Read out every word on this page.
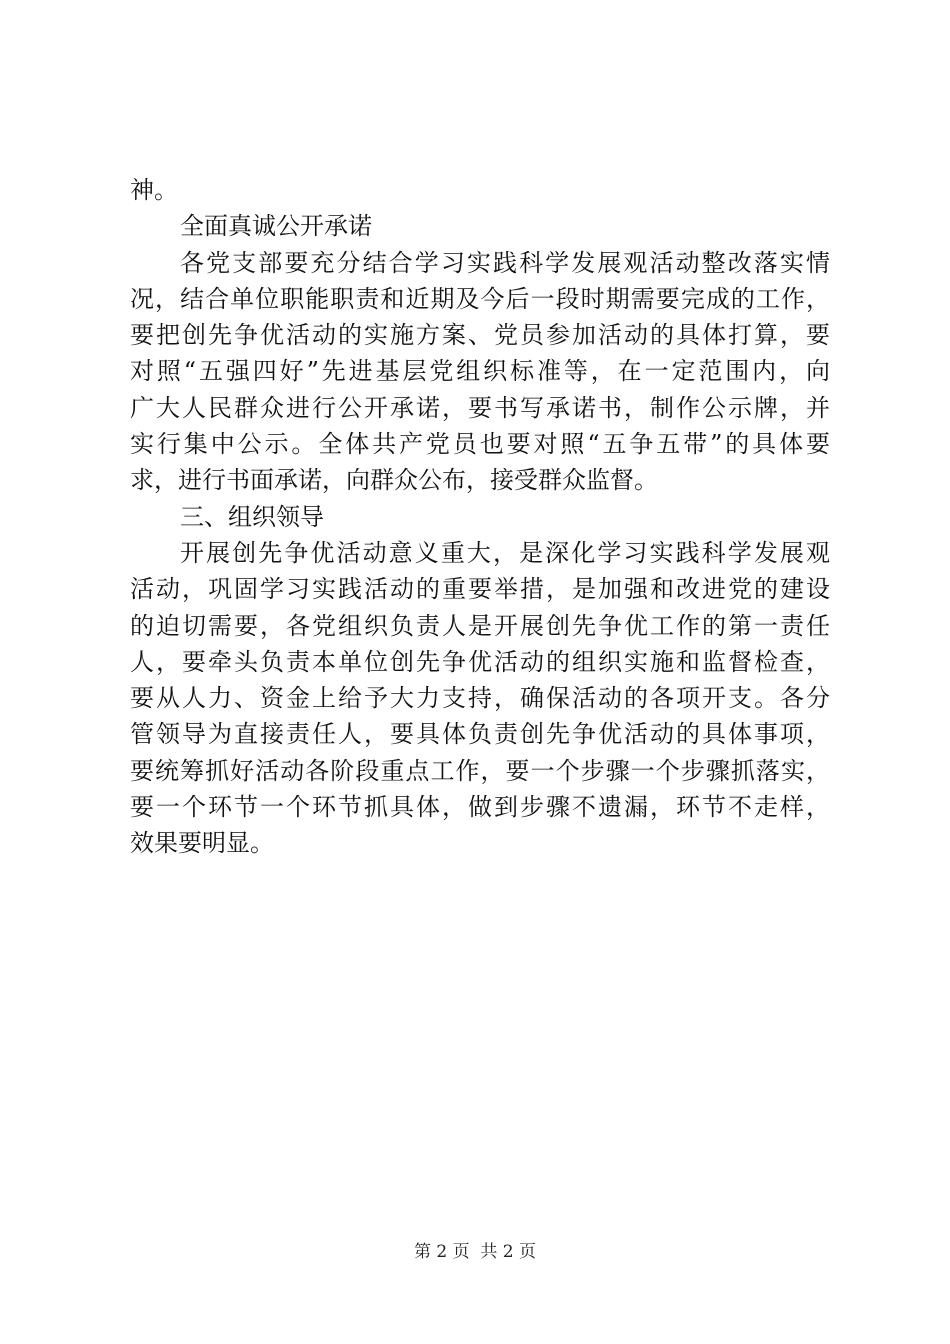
神。
全面真诚公开承诺
各党支部要充分结合学习实践科学发展观活动整改落实情
况，结合单位职能职责和近期及今后一段时期需要完成的工作，
要把创先争优活动的实施方案、党员参加活动的具体打算，要
对照“五强四好”先进基层党组织标准等，在一定范围内，向
广大人民群众进行公开承诺，要书写承诺书，制作公示牌，并
实行集中公示。全体共产党员也要对照“五争五带”的具体要
求，进行书面承诺，向群众公布，接受群众监督。
三、组织领导
开展创先争优活动意义重大，是深化学习实践科学发展观
活动，巩固学习实践活动的重要举措，是加强和改进党的建设
的迫切需要，各党组织负责人是开展创先争优工作的第一责任
人，要牵头负责本单位创先争优活动的组织实施和监督检查，
要从人力、资金上给予大力支持，确保活动的各项开支。各分
管领导为直接责任人，要具体负责创先争优活动的具体事项，
要统筹抓好活动各阶段重点工作，要一个步骤一个步骤抓落实，
要一个环节一个环节抓具体，做到步骤不遗漏，环节不走样，
效果要明显。
第 2 页  共 2 页
